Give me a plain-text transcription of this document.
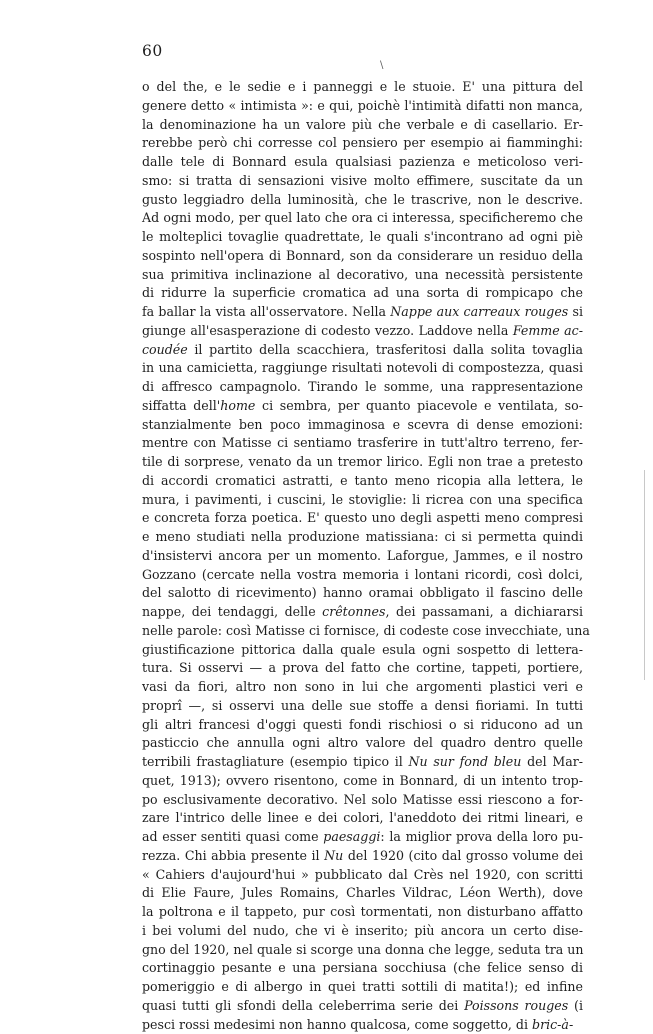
60
\
o del the, e le sedie e i panneggi e le stuoie. E' una pittura del
genere detto « intimista »: e qui, poichè l'intimità difatti non manca,
la denominazione ha un valore più che verbale e di casellario. Er-
rerebbe però chi corresse col pensiero per esempio ai fiamminghi:
dalle tele di Bonnard esula qualsiasi pazienza e meticoloso veri-
smo: si tratta di sensazioni visive molto effimere, suscitate da un
gusto leggiadro della luminosità, che le trascrive, non le descrive.
Ad ogni modo, per quel lato che ora ci interessa, specificheremo che
le molteplici tovaglie quadrettate, le quali s'incontrano ad ogni piè
sospinto nell'opera di Bonnard, son da considerare un residuo della
sua primitiva inclinazione al decorativo, una necessità persistente
di ridurre la superficie cromatica ad una sorta di rompicapo che
fa ballar la vista all'osservatore. Nella Nappe aux carreaux rouges si
giunge all'esasperazione di codesto vezzo. Laddove nella Femme ac-
coudée il partito della scacchiera, trasferitosi dalla solita tovaglia
in una camicietta, raggiunge risultati notevoli di compostezza, quasi
di affresco campagnolo. Tirando le somme, una rappresentazione
siffatta dell'home ci sembra, per quanto piacevole e ventilata, so-
stanzialmente ben poco immaginosa e scevra di dense emozioni:
mentre con Matisse ci sentiamo trasferire in tutt'altro terreno, fer-
tile di sorprese, venato da un tremor lirico. Egli non trae a pretesto
di accordi cromatici astratti, e tanto meno ricopia alla lettera, le
mura, i pavimenti, i cuscini, le stoviglie: li ricrea con una specifica
e concreta forza poetica. E' questo uno degli aspetti meno compresi
e meno studiati nella produzione matissiana: ci si permetta quindi
d'insistervi ancora per un momento. Laforgue, Jammes, e il nostro
Gozzano (cercate nella vostra memoria i lontani ricordi, così dolci,
del salotto di ricevimento) hanno oramai obbligato il fascino delle
nappe, dei tendaggi, delle crêtonnes, dei passamani, a dichiararsi
nelle parole: così Matisse ci fornisce, di codeste cose invecchiate, una
giustificazione pittorica dalla quale esula ogni sospetto di lettera-
tura. Si osservi — a prova del fatto che cortine, tappeti, portiere,
vasi da fiori, altro non sono in lui che argomenti plastici veri e
proprî —, si osservi una delle sue stoffe a densi fioriami. In tutti
gli altri francesi d'oggi questi fondi rischiosi o si riducono ad un
pasticcio che annulla ogni altro valore del quadro dentro quelle
terribili frastagliature (esempio tipico il Nu sur fond bleu del Mar-
quet, 1913); ovvero risentono, come in Bonnard, di un intento trop-
po esclusivamente decorativo. Nel solo Matisse essi riescono a for-
zare l'intrico delle linee e dei colori, l'aneddoto dei ritmi lineari, e
ad esser sentiti quasi come paesaggi: la miglior prova della loro pu-
rezza. Chi abbia presente il Nu del 1920 (cito dal grosso volume dei
« Cahiers d'aujourd'hui » pubblicato dal Crès nel 1920, con scritti
di Elie Faure, Jules Romains, Charles Vildrac, Léon Werth), dove
la poltrona e il tappeto, pur così tormentati, non disturbano affatto
i bei volumi del nudo, che vi è inserito; più ancora un certo dise-
gno del 1920, nel quale si scorge una donna che legge, seduta tra un
cortinaggio pesante e una persiana socchiusa (che felice senso di
pomeriggio e di albergo in quei tratti sottili di matita!); ed infine
quasi tutti gli sfondi della celeberrima serie dei Poissons rouges (i
pesci rossi medesimi non hanno qualcosa, come soggetto, di bric-à-
